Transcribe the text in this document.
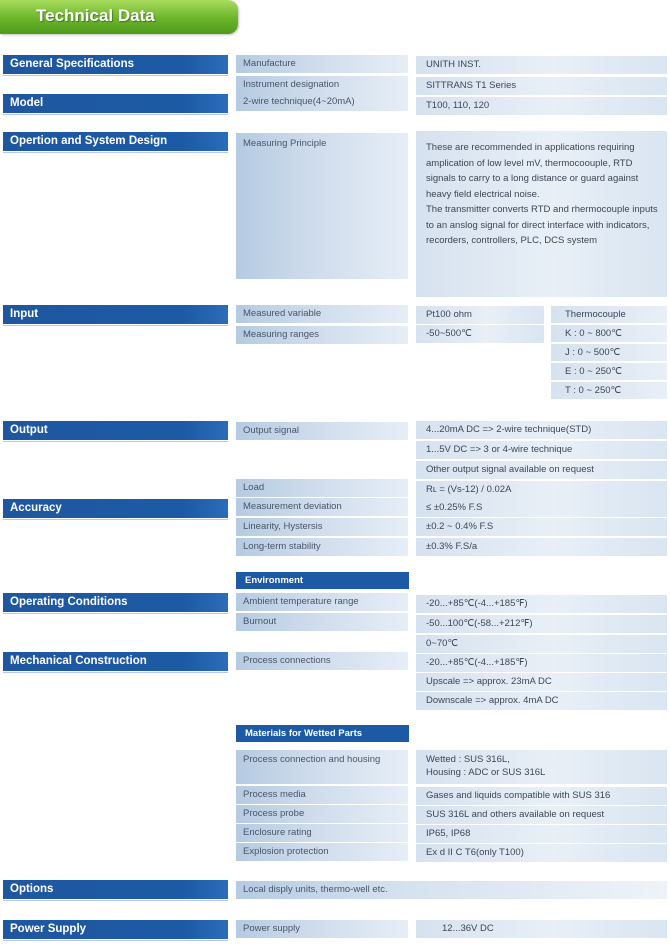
Technical Data
General Specifications
Model
Opertion and System Design
Input
Output
Accuracy
Operating Conditions
Mechanical Construction
Options
Power Supply
Manufacture	UNITH INST.
Instrument designation	SITTRANS T1 Series
2-wire technique(4~20mA)	T100, 110, 120
Measuring Principle	These are recommended in applications requiring amplication of low level mV, thermocoouple, RTD signals to carry to a long distance or guard against heavy field electrical noise.
The transmitter converts RTD and rhermocouple inputs to an anslog signal for direct interface with indicators, recorders, controllers, PLC, DCS system
Measured variable	Pt100 ohm	Thermocouple
Measuring ranges	-50~500℃	K : 0 ~ 800℃
J : 0 ~ 500℃
E : 0 ~ 250℃
T : 0 ~ 250℃
Output signal	4...20mA DC => 2-wire technique(STD)
1...5V DC => 3 or 4-wire technique
Other output signal available on request
Load	Rʟ = (Vs-12) / 0.02A
Measurement deviation	≤ ±0.25% F.S
Linearity, Hystersis	±0.2 ~ 0.4% F.S
Long-term stability	±0.3% F.S/a
Environment
Ambient temperature range	-20...+85℃(-4...+185℉)
Burnout	-50...100℃(-58...+212℉)
0~70℃
Process connections	-20...+85℃(-4...+185℉)
Upscale => approx. 23mA DC
Downscale => approx. 4mA DC
Materials for Wetted Parts
Process connection and housing	Wetted : SUS 316L,
Housing : ADC or SUS 316L
Process media	Gases and liquids compatible with SUS 316
Process probe	SUS 316L and others available on request
Enclosure rating	IP65, IP68
Explosion protection	Ex d II C T6(only T100)
Local disply units, thermo-well etc.
Power supply	12...36V DC
